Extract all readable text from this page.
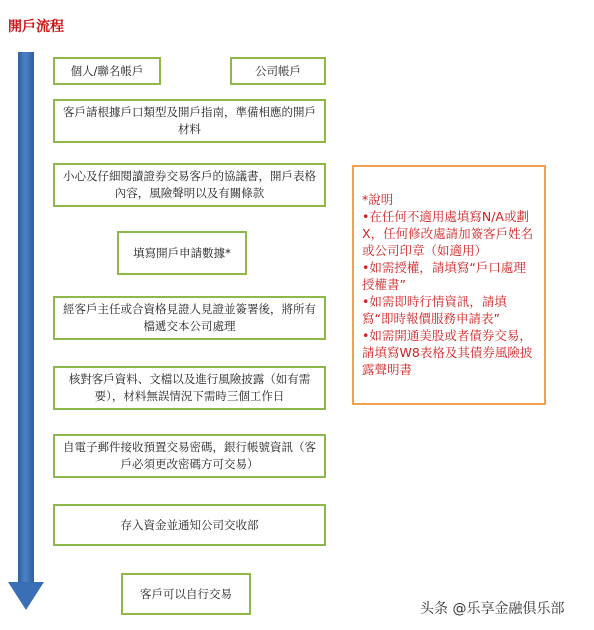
開戶流程
個人/聯名帳戶	公司帳戶
客戶請根據戶口類型及開戶指南，準備相應的開戶材料
小心及仔細閱讀證券交易客戶的協議書，開戶表格內容，風險聲明以及有關條款
填寫開戶申請數據*
經客戶主任或合資格見證人見證並簽署後，將所有檔遞交本公司處理
核對客戶資料、文檔以及進行風險披露（如有需要），材料無誤情況下需時三個工作日
自電子郵件接收預置交易密碼，銀行帳號資訊（客戶必須更改密碼方可交易）
存入資金並通知公司交收部
客戶可以自行交易
*說明
•在任何不適用處填寫N/A或劃X，任何修改處請加簽客戶姓名或公司印章（如適用）
•如需授權，請填寫“戶口處理授權書”
•如需即時行情資訊，請填寫“即時報價服務申請表”
•如需開通美股或者債券交易，請填寫W8表格及其債券風險披露聲明書
头条 @乐享金融俱乐部
